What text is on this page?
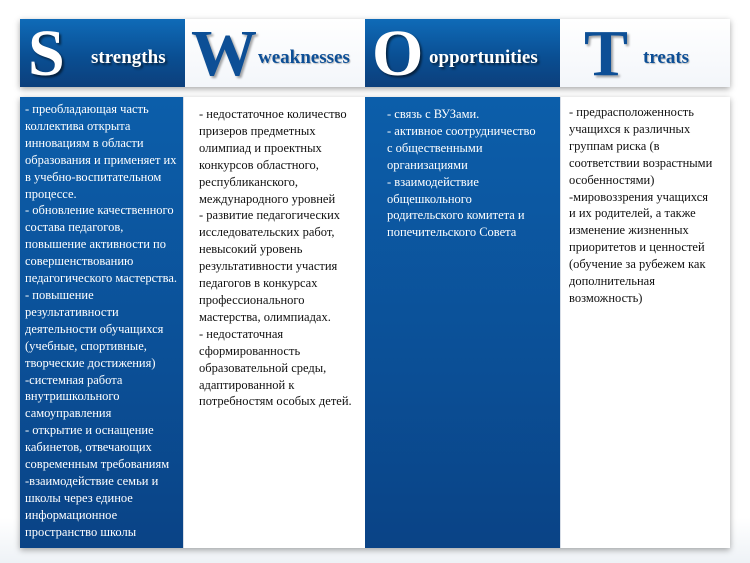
S strengths W weaknesses O opportunities T treats
- преобладающая часть
коллектива открыта
инновациям в области
образования и применяет их
в учебно-воспитательном
процессе.
- обновление качественного
состава педагогов,
повышение активности по
совершенствованию
педагогического мастерства.
- повышение
результативности
деятельности обучащихся
(учебные, спортивные,
творческие достижения)
-системная работа
внутришкольного
самоуправления
- открытие и оснащение
кабинетов, отвечающих
современным требованиям
-взаимодействие семьи и
школы через единое
информационное
пространство школы
- недостаточное количество
призеров предметных
олимпиад и проектных
конкурсов областного,
республиканского,
международного уровней
- развитие педагогических
исследовательских работ,
невысокий уровень
результативности участия
педагогов в конкурсах
профессионального
мастерства, олимпиадах.
- недостаточная
сформированность
образовательной среды,
адаптированной к
потребностям особых детей.
- связь с ВУЗами.
- активное соотрудничество
с общественными
организациями
- взаимодействие
общешкольного
родительского комитета и
попечительского Совета
- предрасположенность
учащихся к различных
группам риска (в
соответствии возрастными
особенностями)
-мировоззрения учащихся
и их родителей, а также
изменение жизненных
приоритетов и ценностей
(обучение за рубежем как
дополнительная
возможность)
